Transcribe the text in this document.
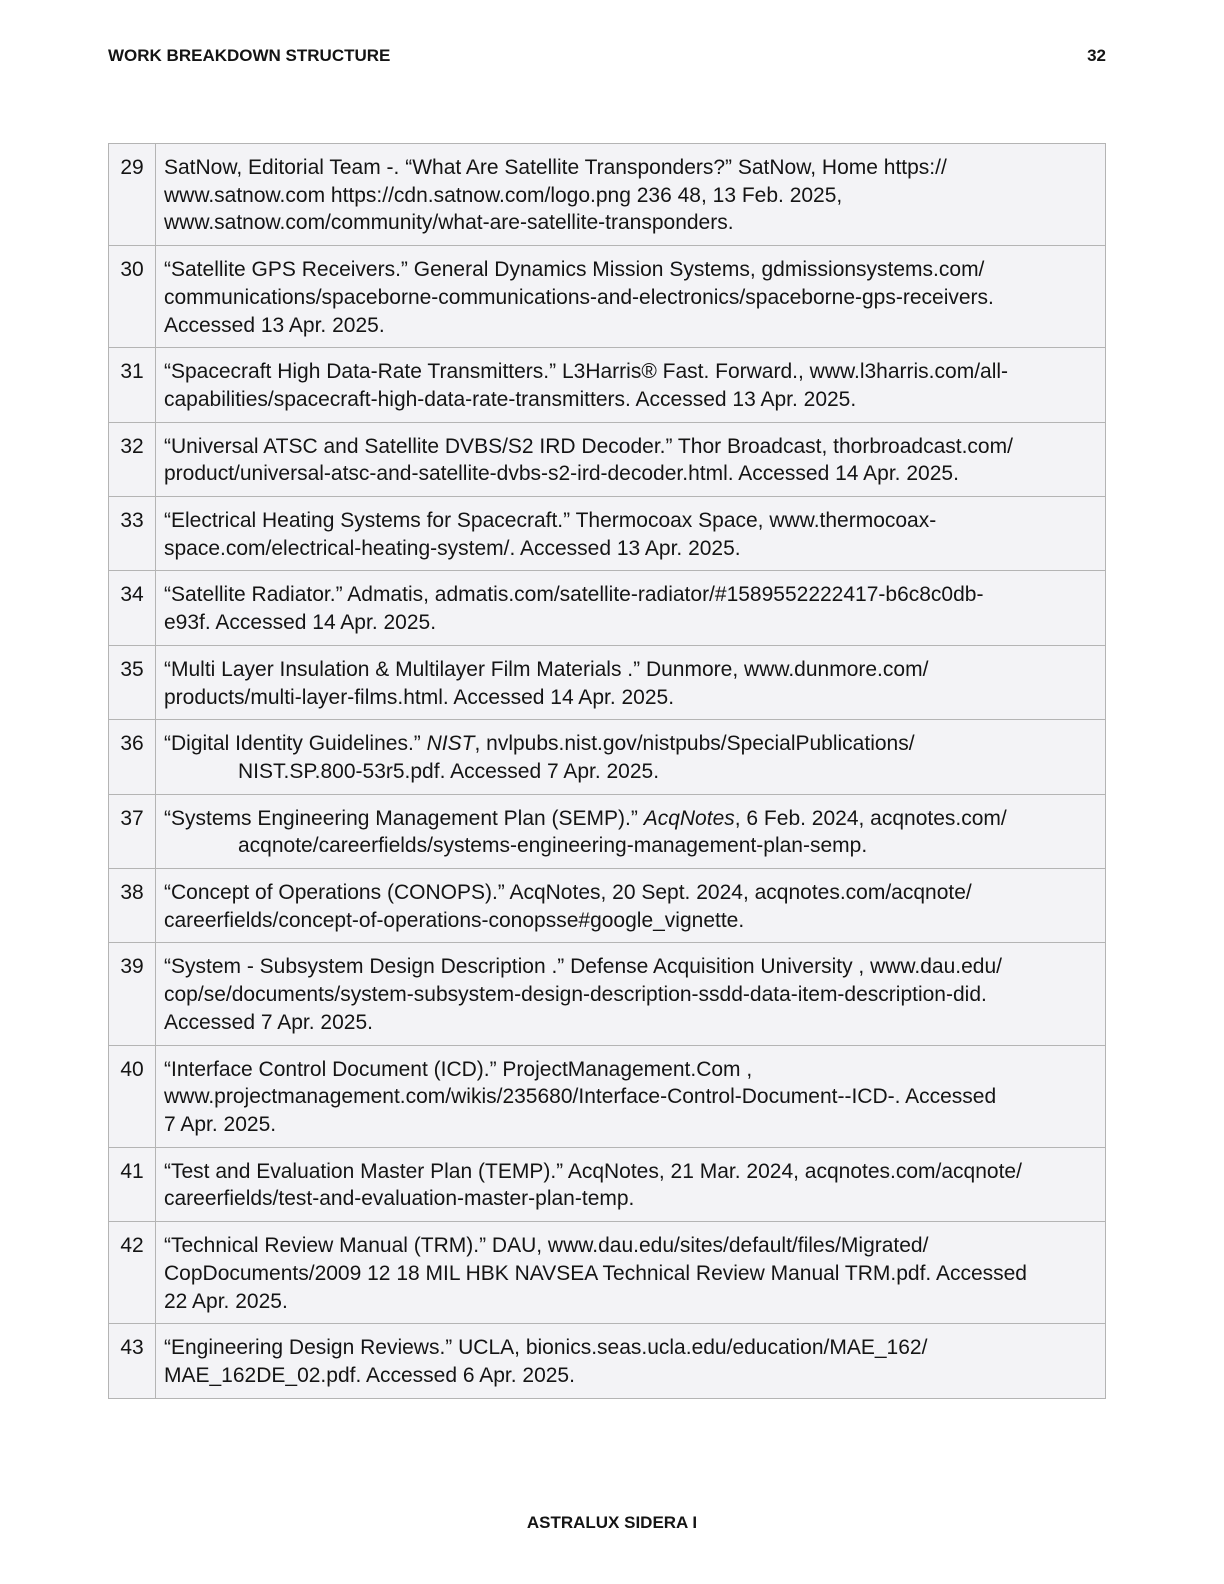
WORK BREAKDOWN STRUCTURE	32
29	SatNow, Editorial Team -. “What Are Satellite Transponders?” SatNow, Home https://
www.satnow.com https://cdn.satnow.com/logo.png 236 48, 13 Feb. 2025,
www.satnow.com/community/what-are-satellite-transponders.

30	“Satellite GPS Receivers.” General Dynamics Mission Systems, gdmissionsystems.com/
communications/spaceborne-communications-and-electronics/spaceborne-gps-receivers.
Accessed 13 Apr. 2025.

31	“Spacecraft High Data-Rate Transmitters.” L3Harris® Fast. Forward., www.l3harris.com/all-
capabilities/spacecraft-high-data-rate-transmitters. Accessed 13 Apr. 2025.

32	“Universal ATSC and Satellite DVBS/S2 IRD Decoder.” Thor Broadcast, thorbroadcast.com/
product/universal-atsc-and-satellite-dvbs-s2-ird-decoder.html. Accessed 14 Apr. 2025.

33	“Electrical Heating Systems for Spacecraft.” Thermocoax Space, www.thermocoax-
space.com/electrical-heating-system/. Accessed 13 Apr. 2025.

34	“Satellite Radiator.” Admatis, admatis.com/satellite-radiator/#1589552222417-b6c8c0db-
e93f. Accessed 14 Apr. 2025.

35	“Multi Layer Insulation & Multilayer Film Materials .” Dunmore, www.dunmore.com/
products/multi-layer-films.html. Accessed 14 Apr. 2025.

36	“Digital Identity Guidelines.” NIST, nvlpubs.nist.gov/nistpubs/SpecialPublications/
NIST.SP.800-53r5.pdf. Accessed 7 Apr. 2025.

37	“Systems Engineering Management Plan (SEMP).” AcqNotes, 6 Feb. 2024, acqnotes.com/
acqnote/careerfields/systems-engineering-management-plan-semp.

38	“Concept of Operations (CONOPS).” AcqNotes, 20 Sept. 2024, acqnotes.com/acqnote/
careerfields/concept-of-operations-conopsse#google_vignette.

39	“System - Subsystem Design Description .” Defense Acquisition University , www.dau.edu/
cop/se/documents/system-subsystem-design-description-ssdd-data-item-description-did.
Accessed 7 Apr. 2025.

40	“Interface Control Document (ICD).” ProjectManagement.Com ,
www.projectmanagement.com/wikis/235680/Interface-Control-Document--ICD-. Accessed
7 Apr. 2025.

41	“Test and Evaluation Master Plan (TEMP).” AcqNotes, 21 Mar. 2024, acqnotes.com/acqnote/
careerfields/test-and-evaluation-master-plan-temp.

42	“Technical Review Manual (TRM).” DAU, www.dau.edu/sites/default/files/Migrated/
CopDocuments/2009 12 18 MIL HBK NAVSEA Technical Review Manual TRM.pdf. Accessed
22 Apr. 2025.

43	“Engineering Design Reviews.” UCLA, bionics.seas.ucla.edu/education/MAE_162/
MAE_162DE_02.pdf. Accessed 6 Apr. 2025.
ASTRALUX SIDERA I
